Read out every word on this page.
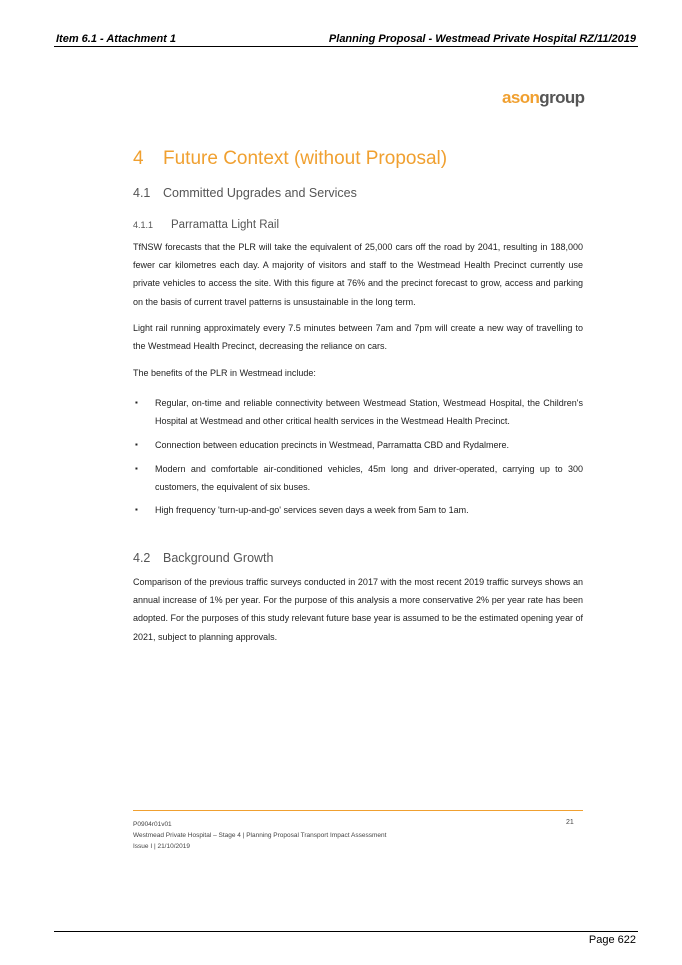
Item 6.1 - Attachment 1	Planning Proposal - Westmead Private Hospital RZ/11/2019
asongroup
4 Future Context (without Proposal)
4.1 Committed Upgrades and Services
4.1.1 Parramatta Light Rail
TfNSW forecasts that the PLR will take the equivalent of 25,000 cars off the road by 2041, resulting in 188,000 fewer car kilometres each day. A majority of visitors and staff to the Westmead Health Precinct currently use private vehicles to access the site. With this figure at 76% and the precinct forecast to grow, access and parking on the basis of current travel patterns is unsustainable in the long term.
Light rail running approximately every 7.5 minutes between 7am and 7pm will create a new way of travelling to the Westmead Health Precinct, decreasing the reliance on cars.
The benefits of the PLR in Westmead include:
▪ Regular, on-time and reliable connectivity between Westmead Station, Westmead Hospital, the Children's Hospital at Westmead and other critical health services in the Westmead Health Precinct.
▪ Connection between education precincts in Westmead, Parramatta CBD and Rydalmere.
▪ Modern and comfortable air-conditioned vehicles, 45m long and driver-operated, carrying up to 300 customers, the equivalent of six buses.
▪ High frequency 'turn-up-and-go' services seven days a week from 5am to 1am.
4.2 Background Growth
Comparison of the previous traffic surveys conducted in 2017 with the most recent 2019 traffic surveys shows an annual increase of 1% per year. For the purpose of this analysis a more conservative 2% per year rate has been adopted. For the purposes of this study relevant future base year is assumed to be the estimated opening year of 2021, subject to planning approvals.
P0904r01v01
Westmead Private Hospital – Stage 4 | Planning Proposal Transport Impact Assessment
Issue I | 21/10/2019
21
Page 622
